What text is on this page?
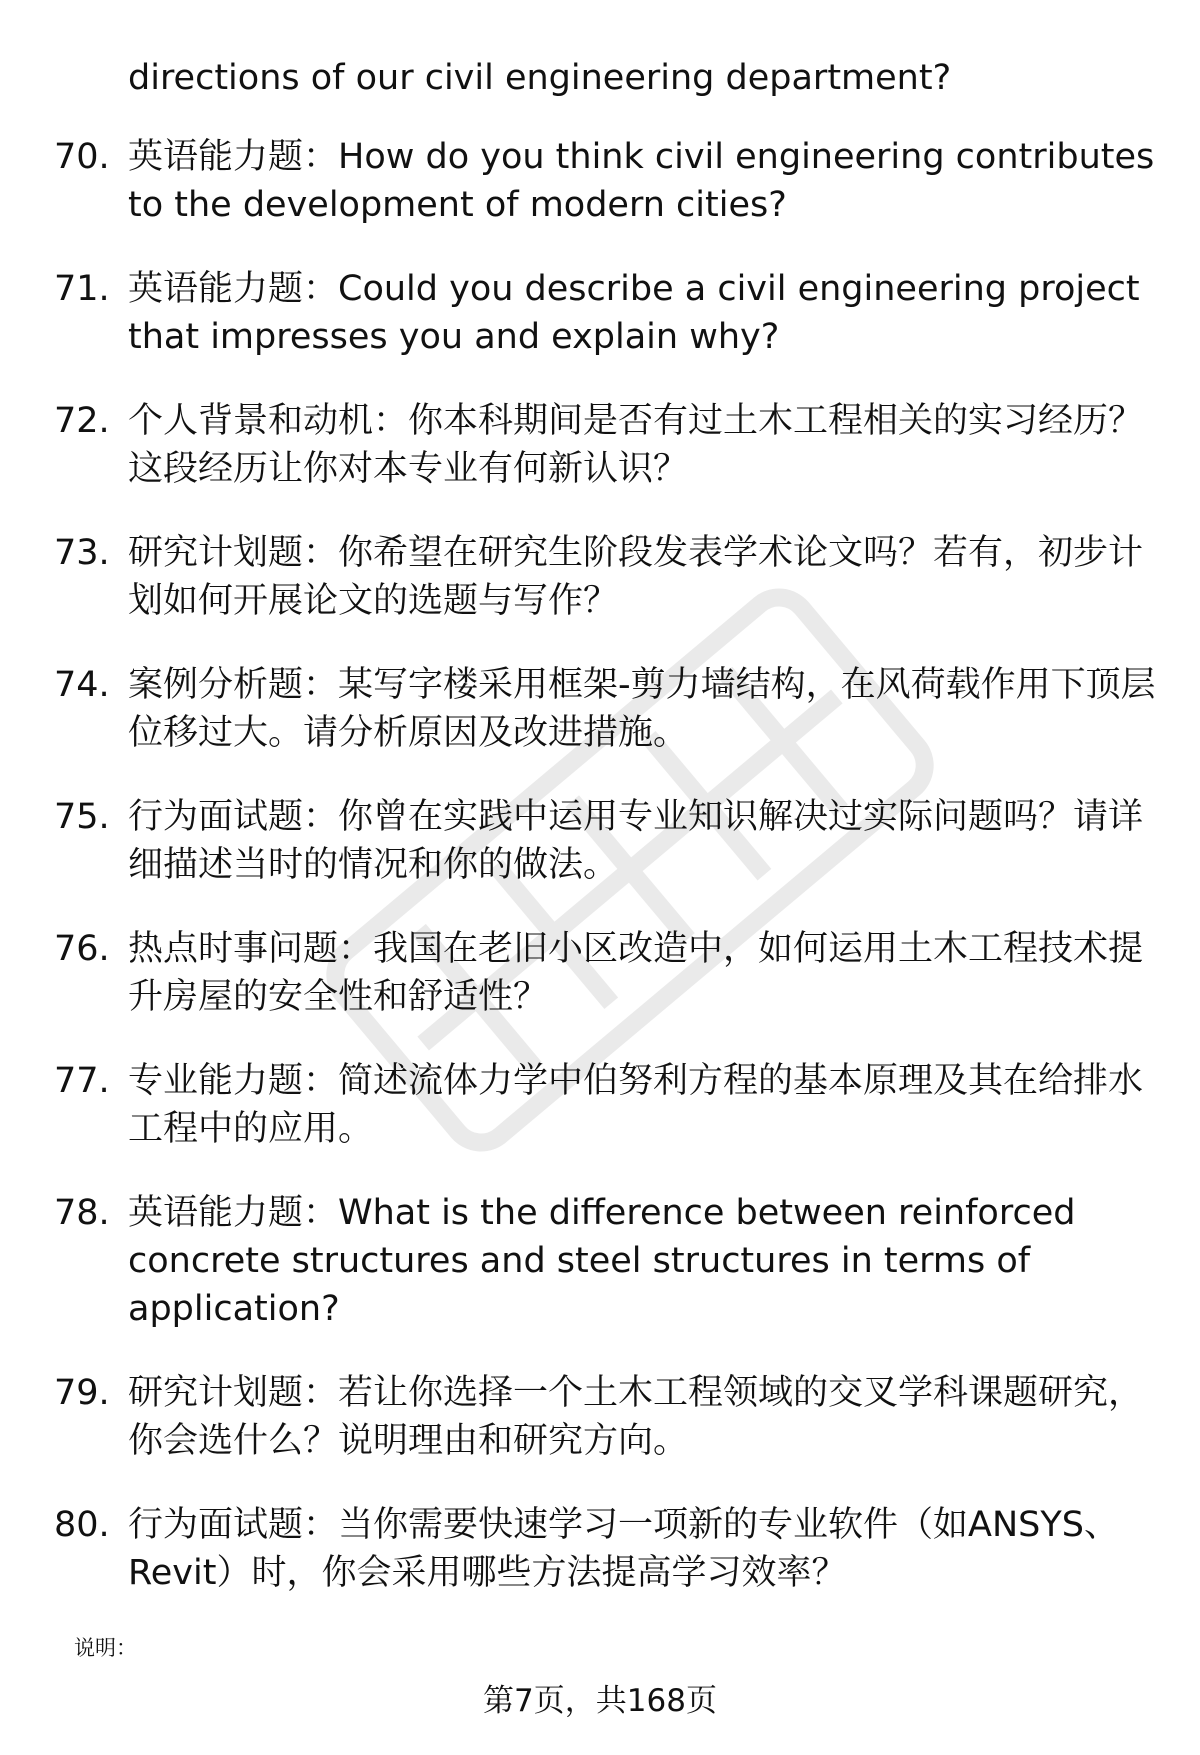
directions of our civil engineering department?
70. 英语能力题：How do you think civil engineering contributes to the development of modern cities?
71. 英语能力题：Could you describe a civil engineering project that impresses you and explain why?
72. 个人背景和动机：你本科期间是否有过土木工程相关的实习经历？这段经历让你对本专业有何新认识？
73. 研究计划题：你希望在研究生阶段发表学术论文吗？若有，初步计划如何开展论文的选题与写作？
74. 案例分析题：某写字楼采用框架-剪力墙结构，在风荷载作用下顶层位移过大。请分析原因及改进措施。
75. 行为面试题：你曾在实践中运用专业知识解决过实际问题吗？请详细描述当时的情况和你的做法。
76. 热点时事问题：我国在老旧小区改造中，如何运用土木工程技术提升房屋的安全性和舒适性？
77. 专业能力题：简述流体力学中伯努利方程的基本原理及其在给排水工程中的应用。
78. 英语能力题：What is the difference between reinforced concrete structures and steel structures in terms of application?
79. 研究计划题：若让你选择一个土木工程领域的交叉学科课题研究，你会选什么？说明理由和研究方向。
80. 行为面试题：当你需要快速学习一项新的专业软件（如ANSYS、Revit）时，你会采用哪些方法提高学习效率？
说明：
第7页，共168页
